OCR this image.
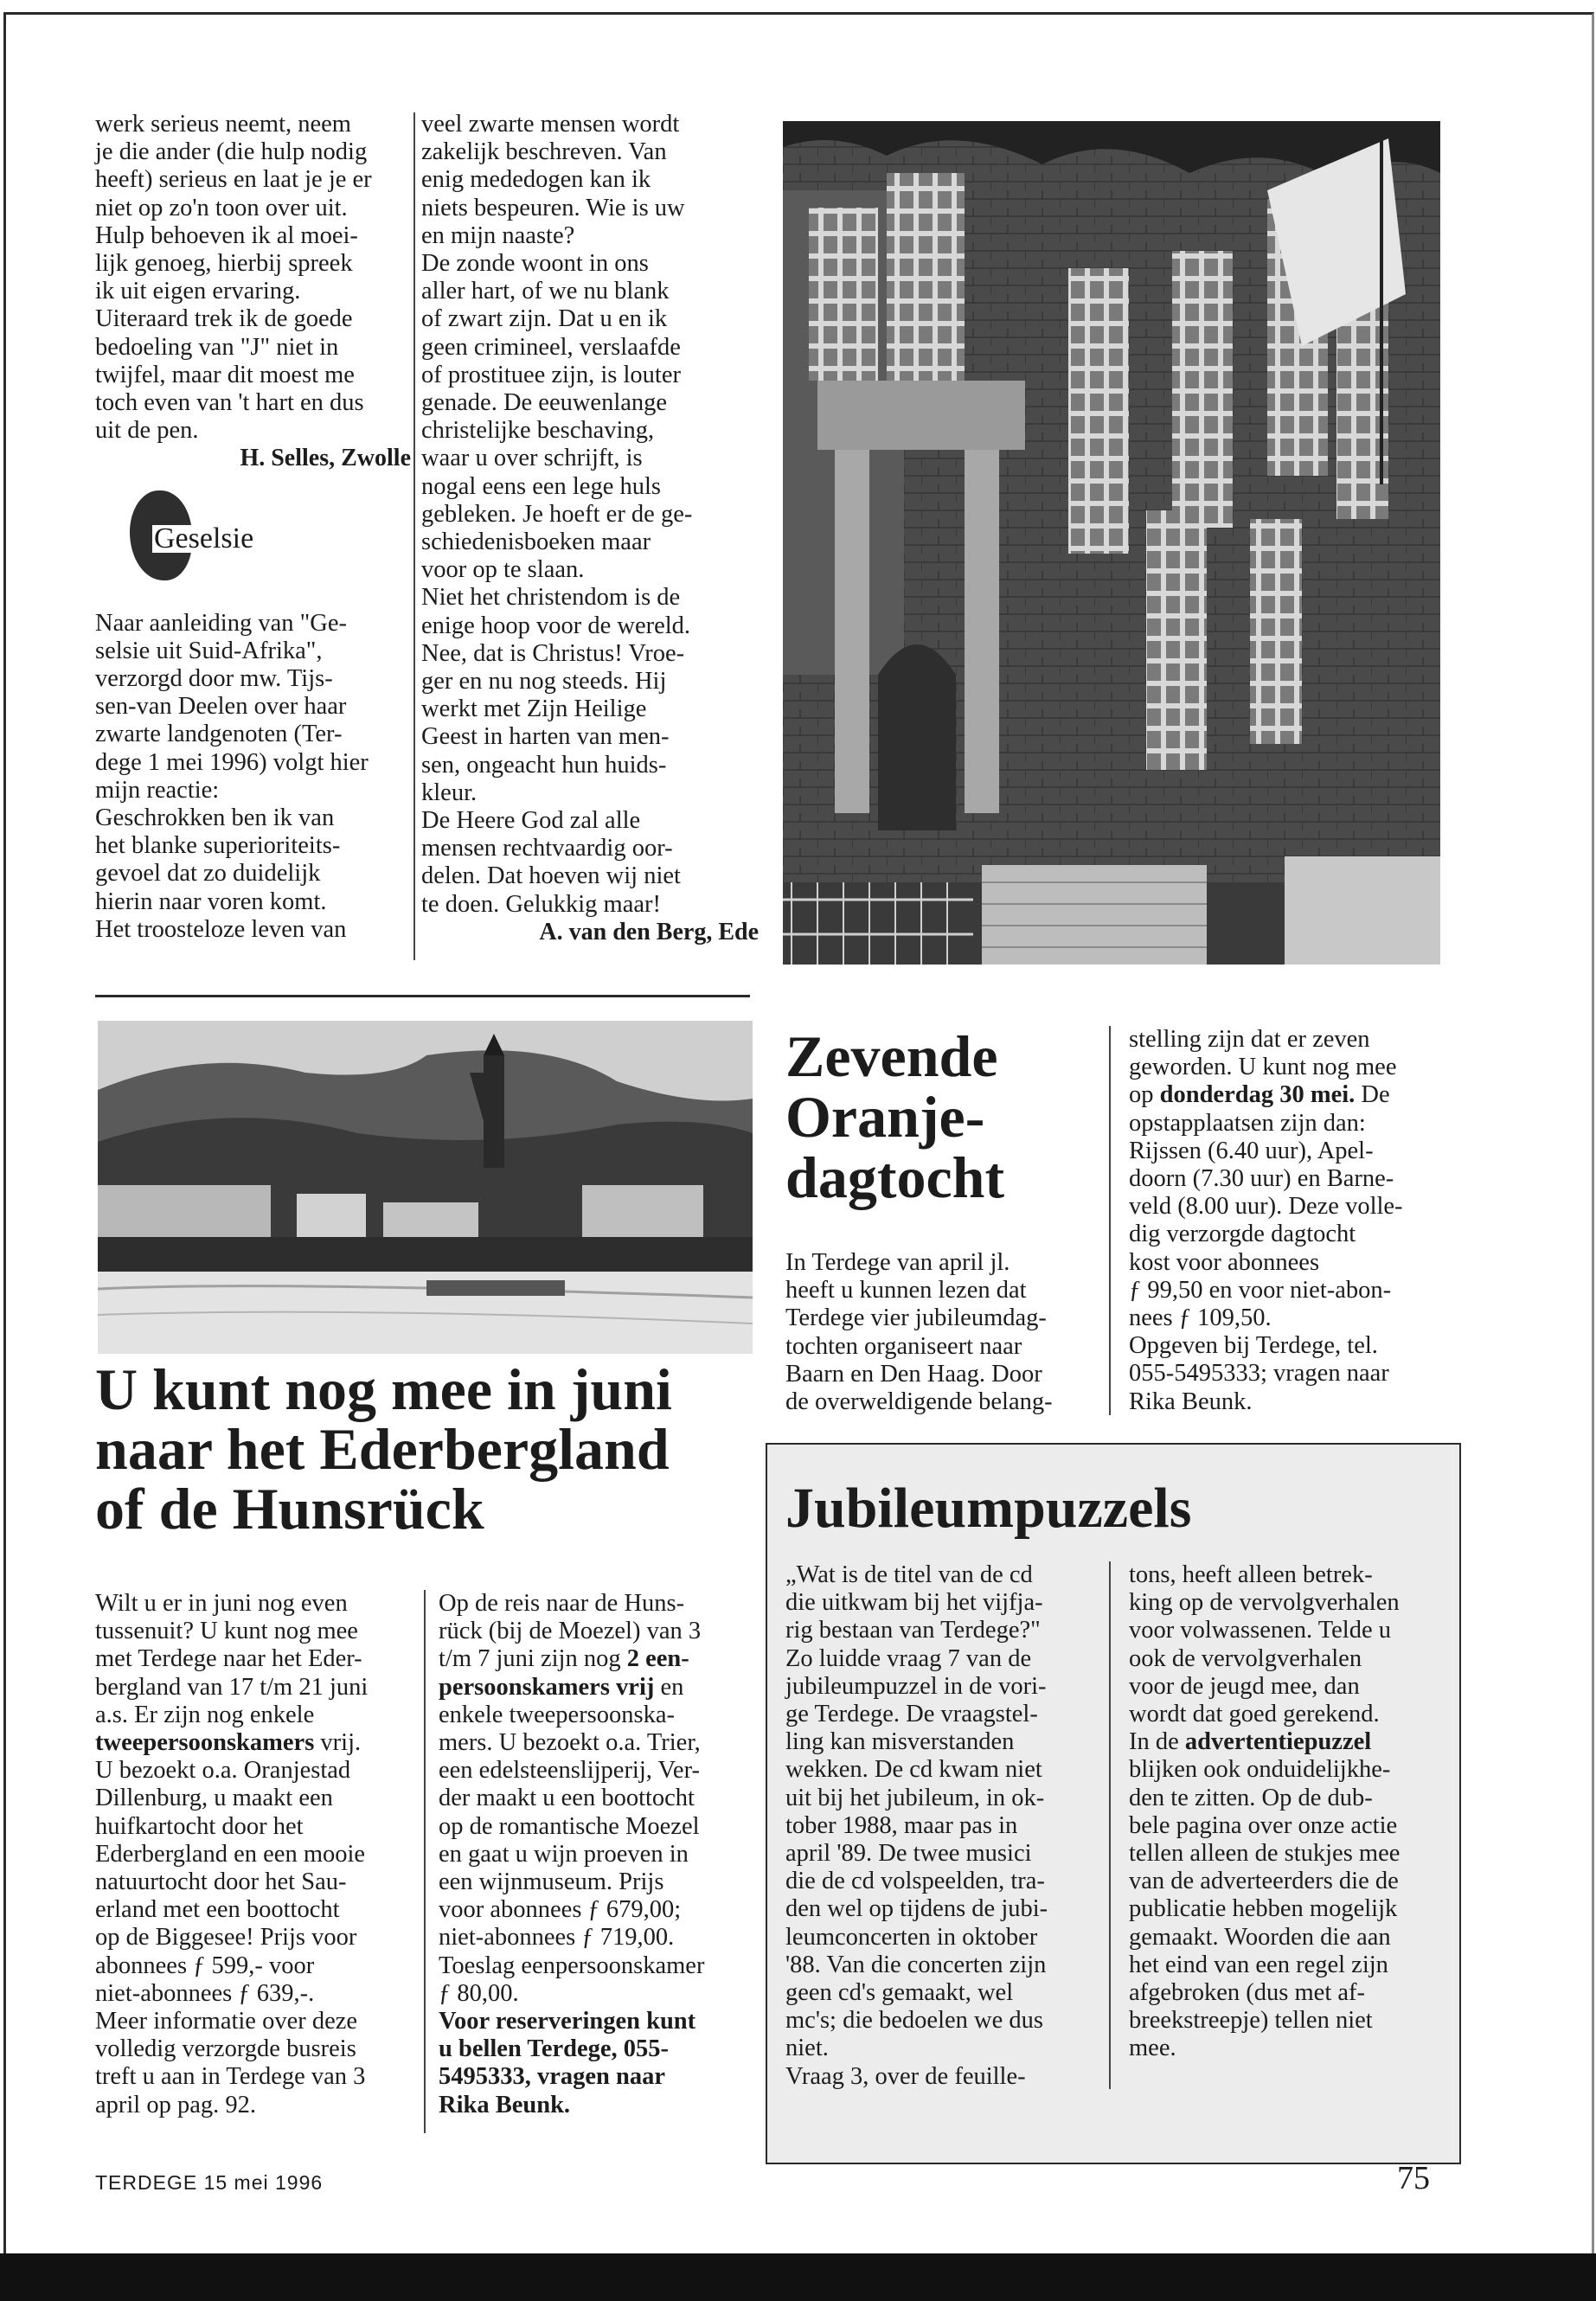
werk serieus neemt, neem

je die ander (die hulp nodig

heeft) serieus en laat je je er

niet op zo'n toon over uit.

Hulp behoeven ik al moei-

lijk genoeg, hierbij spreek

ik uit eigen ervaring.

Uiteraard trek ik de goede

bedoeling van "J" niet in

twijfel, maar dit moest me

toch even van 't hart en dus

uit de pen.

H. Selles, Zwolle

Geselsie

Naar aanleiding van "Ge-

selsie uit Suid-Afrika",

verzorgd door mw. Tijs-

sen-van Deelen over haar

zwarte landgenoten (Ter-

dege 1 mei 1996) volgt hier

mijn reactie:

Geschrokken ben ik van

het blanke superioriteits-

gevoel dat zo duidelijk

hierin naar voren komt.

Het troosteloze leven van

veel zwarte mensen wordt

zakelijk beschreven. Van

enig mededogen kan ik

niets bespeuren. Wie is uw

en mijn naaste?

De zonde woont in ons

aller hart, of we nu blank

of zwart zijn. Dat u en ik

geen crimineel, verslaafde

of prostituee zijn, is louter

genade. De eeuwenlange

christelijke beschaving,

waar u over schrijft, is

nogal eens een lege huls

gebleken. Je hoeft er de ge-

schiedenisboeken maar

voor op te slaan.

Niet het christendom is de

enige hoop voor de wereld.

Nee, dat is Christus! Vroe-

ger en nu nog steeds. Hij

werkt met Zijn Heilige

Geest in harten van men-

sen, ongeacht hun huids-

kleur.

De Heere God zal alle

mensen rechtvaardig oor-

delen. Dat hoeven wij niet

te doen. Gelukkig maar!

A. van den Berg, Ede

U kunt nog mee in juni
naar het Ederbergland
of de Hunsrück

Wilt u er in juni nog even

tussenuit? U kunt nog mee

met Terdege naar het Eder-

bergland van 17 t/m 21 juni

a.s. Er zijn nog enkele

tweepersoonskamers vrij.

U bezoekt o.a. Oranjestad

Dillenburg, u maakt een

huifkartocht door het

Ederbergland en een mooie

natuurtocht door het Sau-

erland met een boottocht

op de Biggesee! Prijs voor

abonnees ƒ 599,- voor

niet-abonnees ƒ 639,-.

Meer informatie over deze

volledig verzorgde busreis

treft u aan in Terdege van 3

april op pag. 92.

Op de reis naar de Huns-

rück (bij de Moezel) van 3

t/m 7 juni zijn nog 2 een-

persoonskamers vrij en

enkele tweepersoonska-

mers. U bezoekt o.a. Trier,

een edelsteenslijperij, Ver-

der maakt u een boottocht

op de romantische Moezel

en gaat u wijn proeven in

een wijnmuseum. Prijs

voor abonnees ƒ 679,00;

niet-abonnees ƒ 719,00.

Toeslag eenpersoonskamer

ƒ 80,00.

Voor reserveringen kunt

u bellen Terdege, 055-

5495333, vragen naar

Rika Beunk.

Zevende
Oranje-
dagtocht

In Terdege van april jl.

heeft u kunnen lezen dat

Terdege vier jubileumdag-

tochten organiseert naar

Baarn en Den Haag. Door

de overweldigende belang-

stelling zijn dat er zeven

geworden. U kunt nog mee

op donderdag 30 mei. De

opstapplaatsen zijn dan:

Rijssen (6.40 uur), Apel-

doorn (7.30 uur) en Barne-

veld (8.00 uur). Deze volle-

dig verzorgde dagtocht

kost voor abonnees

ƒ 99,50 en voor niet-abon-

nees ƒ 109,50.

Opgeven bij Terdege, tel.

055-5495333; vragen naar

Rika Beunk.

Jubileumpuzzels

„Wat is de titel van de cd

die uitkwam bij het vijfja-

rig bestaan van Terdege?"

Zo luidde vraag 7 van de

jubileumpuzzel in de vori-

ge Terdege. De vraagstel-

ling kan misverstanden

wekken. De cd kwam niet

uit bij het jubileum, in ok-

tober 1988, maar pas in

april '89. De twee musici

die de cd volspeelden, tra-

den wel op tijdens de jubi-

leumconcerten in oktober

'88. Van die concerten zijn

geen cd's gemaakt, wel

mc's; die bedoelen we dus

niet.

Vraag 3, over de feuille-

tons, heeft alleen betrek-

king op de vervolgverhalen

voor volwassenen. Telde u

ook de vervolgverhalen

voor de jeugd mee, dan

wordt dat goed gerekend.

In de advertentiepuzzel

blijken ook onduidelijkhe-

den te zitten. Op de dub-

bele pagina over onze actie

tellen alleen de stukjes mee

van de adverteerders die de

publicatie hebben mogelijk

gemaakt. Woorden die aan

het eind van een regel zijn

afgebroken (dus met af-

breekstreepje) tellen niet

mee.

TERDEGE 15 mei 1996	75
